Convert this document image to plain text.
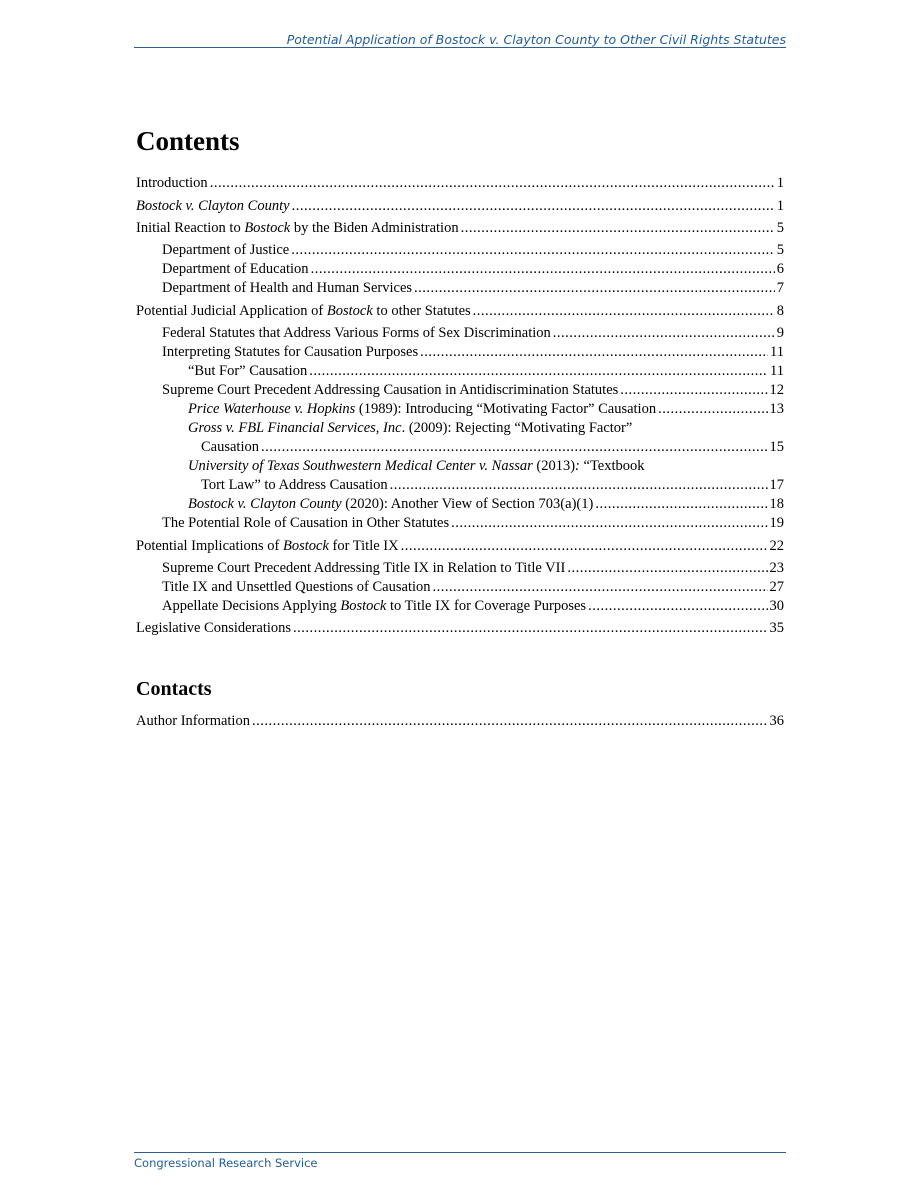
Potential Application of Bostock v. Clayton County to Other Civil Rights Statutes
Contents
Introduction .....	1
Bostock v. Clayton County .....	1
Initial Reaction to Bostock by the Biden Administration .....	5
Department of Justice .....	5
Department of Education .....	6
Department of Health and Human Services .....	7
Potential Judicial Application of Bostock to other Statutes .....	8
Federal Statutes that Address Various Forms of Sex Discrimination .....	9
Interpreting Statutes for Causation Purposes .....	11
“But For” Causation .....	11
Supreme Court Precedent Addressing Causation in Antidiscrimination Statutes .....	12
Price Waterhouse v. Hopkins (1989): Introducing “Motivating Factor” Causation .....	13
Gross v. FBL Financial Services, Inc. (2009): Rejecting “Motivating Factor”
Causation .....	15
University of Texas Southwestern Medical Center v. Nassar (2013): “Textbook
Tort Law” to Address Causation .....	17
Bostock v. Clayton County (2020): Another View of Section 703(a)(1) .....	18
The Potential Role of Causation in Other Statutes .....	19
Potential Implications of Bostock for Title IX .....	22
Supreme Court Precedent Addressing Title IX in Relation to Title VII .....	23
Title IX and Unsettled Questions of Causation .....	27
Appellate Decisions Applying Bostock to Title IX for Coverage Purposes .....	30
Legislative Considerations .....	35
Contacts
Author Information .....	36
Congressional Research Service
